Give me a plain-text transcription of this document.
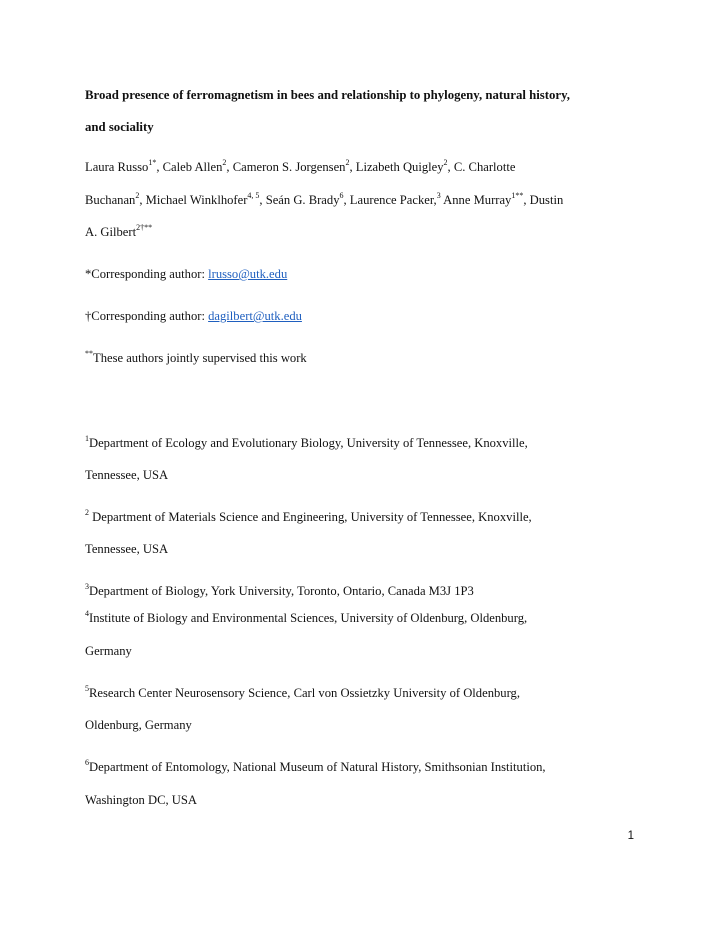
Broad presence of ferromagnetism in bees and relationship to phylogeny, natural history,
and sociality
Laura Russo$^{1*}$, Caleb Allen$^2$, Cameron S. Jorgensen$^2$, Lizabeth Quigley$^2$, C. Charlotte
Buchanan$^2$, Michael Winklhofer$^{4, 5}$, Seán G. Brady$^6$, Laurence Packer,$^3$ Anne Murray$^{1**}$, Dustin
A. Gilbert$^{2\dagger**}$
*Corresponding author: lrusso@utk.edu
†Corresponding author: dagilbert@utk.edu
**These authors jointly supervised this work
$^1$Department of Ecology and Evolutionary Biology, University of Tennessee, Knoxville,
Tennessee, USA
$^2$ Department of Materials Science and Engineering, University of Tennessee, Knoxville,
Tennessee, USA
$^3$Department of Biology, York University, Toronto, Ontario, Canada M3J 1P3
$^4$Institute of Biology and Environmental Sciences, University of Oldenburg, Oldenburg,
Germany
$^5$Research Center Neurosensory Science, Carl von Ossietzky University of Oldenburg,
Oldenburg, Germany
$^6$Department of Entomology, National Museum of Natural History, Smithsonian Institution,
Washington DC, USA
1
